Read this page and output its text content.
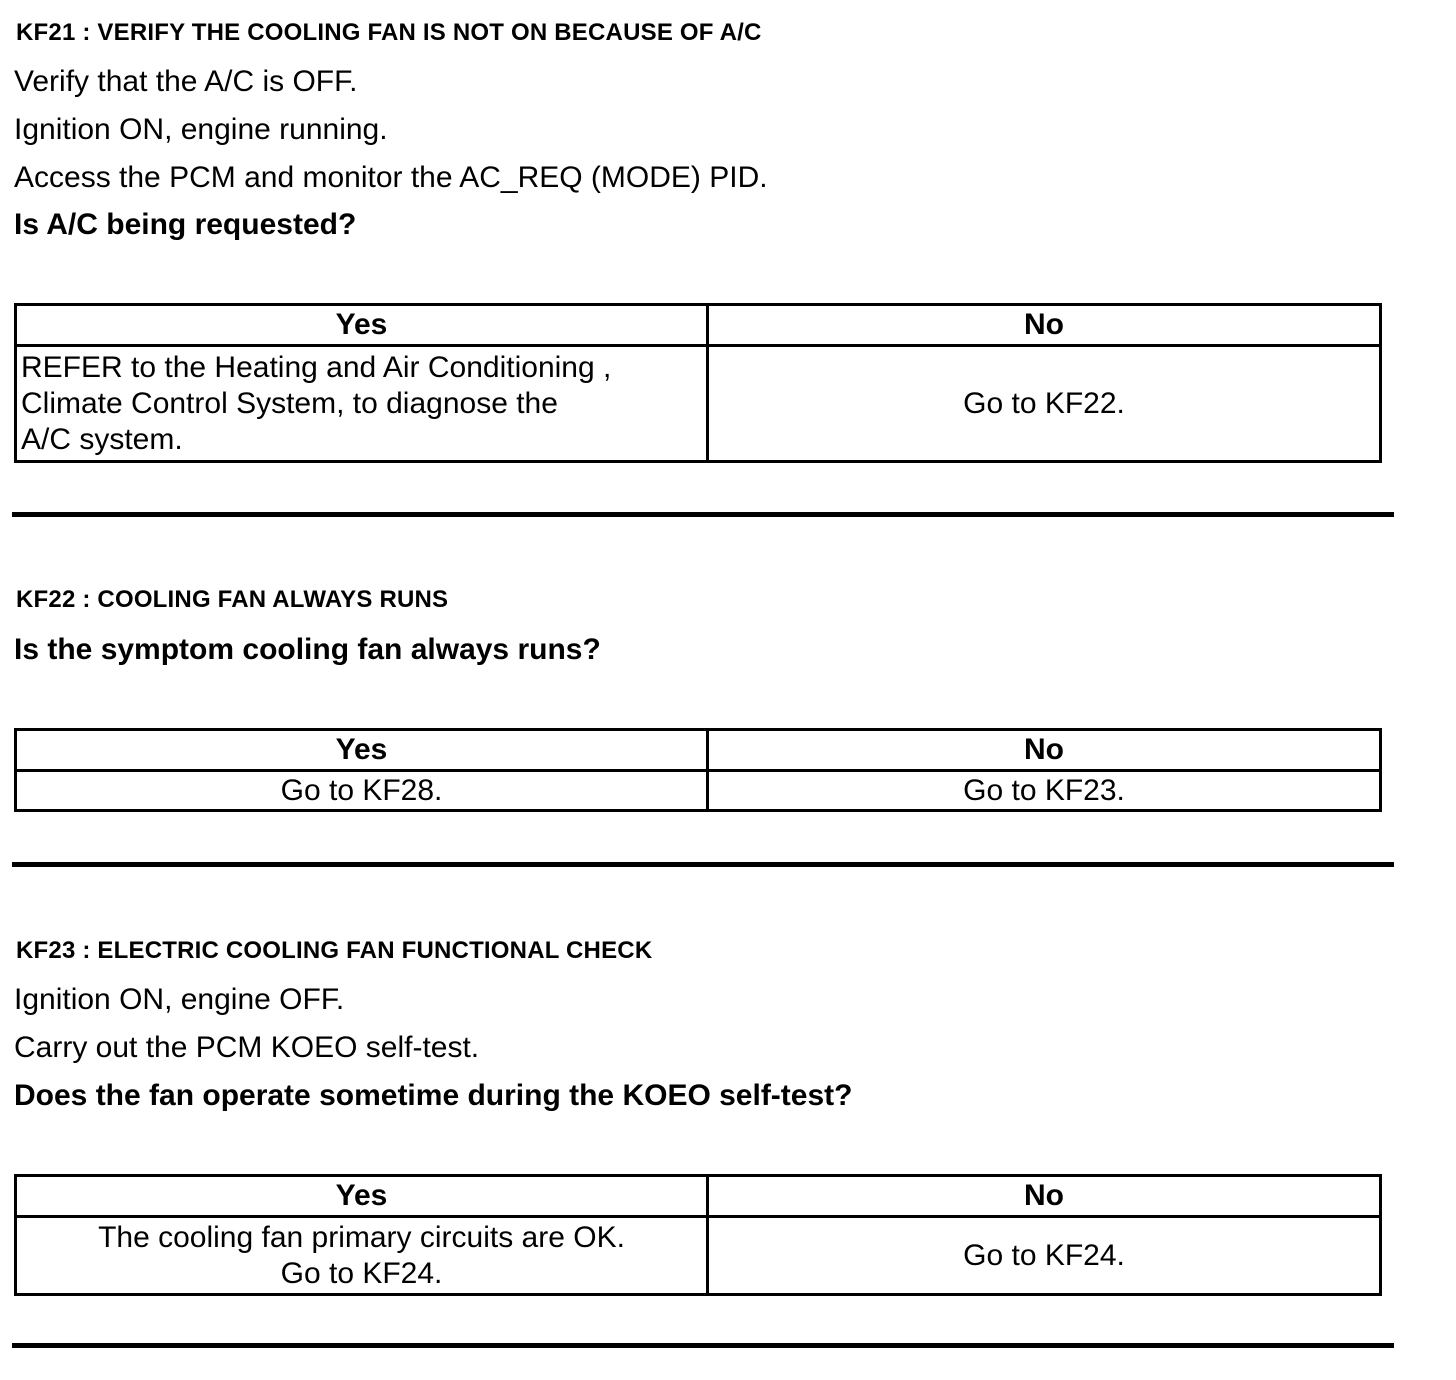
KF21 : VERIFY THE COOLING FAN IS NOT ON BECAUSE OF A/C
Verify that the A/C is OFF.
Ignition ON, engine running.
Access the PCM and monitor the AC_REQ (MODE) PID.
Is A/C being requested?
Yes	No

REFER to the Heating and Air Conditioning ,
Climate Control System, to diagnose the
A/C system.	Go to KF22.
KF22 : COOLING FAN ALWAYS RUNS
Is the symptom cooling fan always runs?
Yes	No
Go to KF28.	Go to KF23.
KF23 : ELECTRIC COOLING FAN FUNCTIONAL CHECK
Ignition ON, engine OFF.
Carry out the PCM KOEO self-test.
Does the fan operate sometime during the KOEO self-test?
Yes	No

The cooling fan primary circuits are OK.
Go to KF24.	Go to KF24.
